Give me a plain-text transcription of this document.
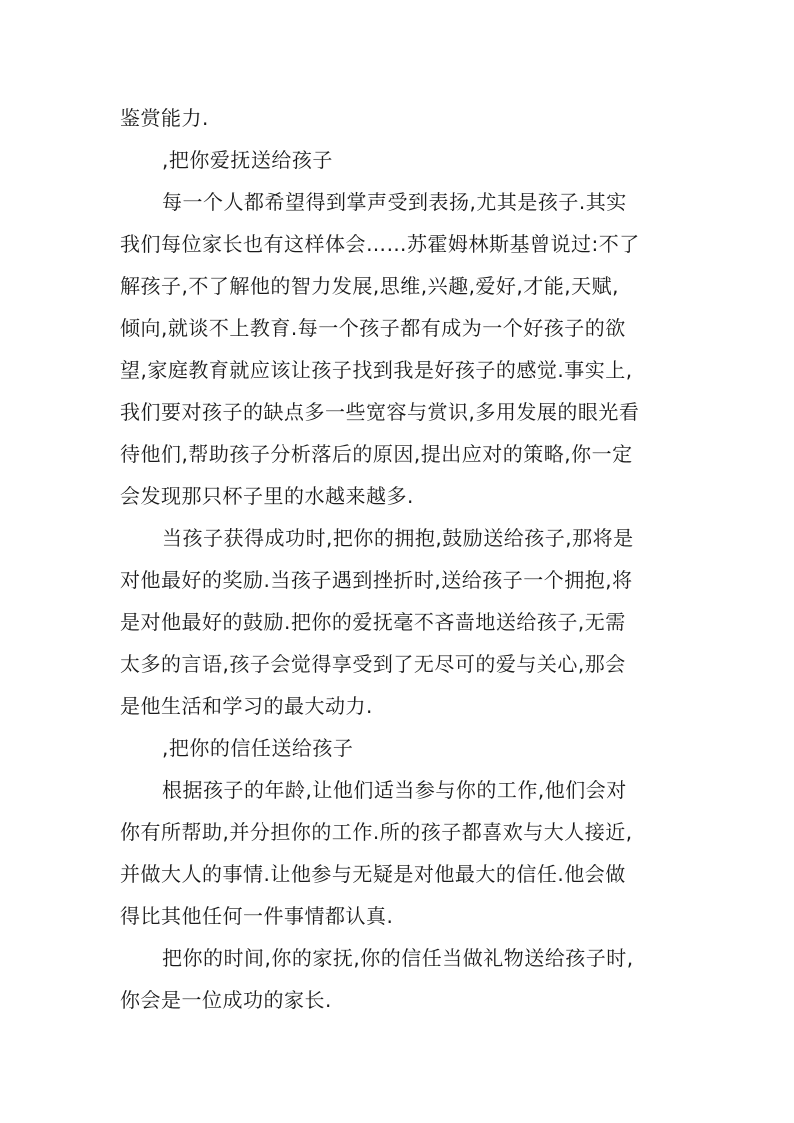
鉴赏能力.
,把你爱抚送给孩子
每一个人都希望得到掌声受到表扬,尤其是孩子.其实
我们每位家长也有这样体会……苏霍姆林斯基曾说过:不了
解孩子,不了解他的智力发展,思维,兴趣,爱好,才能,天赋,
倾向,就谈不上教育.每一个孩子都有成为一个好孩子的欲
望,家庭教育就应该让孩子找到我是好孩子的感觉.事实上,
我们要对孩子的缺点多一些宽容与赏识,多用发展的眼光看
待他们,帮助孩子分析落后的原因,提出应对的策略,你一定
会发现那只杯子里的水越来越多.
当孩子获得成功时,把你的拥抱,鼓励送给孩子,那将是
对他最好的奖励.当孩子遇到挫折时,送给孩子一个拥抱,将
是对他最好的鼓励.把你的爱抚毫不吝啬地送给孩子,无需
太多的言语,孩子会觉得享受到了无尽可的爱与关心,那会
是他生活和学习的最大动力.
,把你的信任送给孩子
根据孩子的年龄,让他们适当参与你的工作,他们会对
你有所帮助,并分担你的工作.所的孩子都喜欢与大人接近,
并做大人的事情.让他参与无疑是对他最大的信任.他会做
得比其他任何一件事情都认真.
把你的时间,你的家抚,你的信任当做礼物送给孩子时,
你会是一位成功的家长.
